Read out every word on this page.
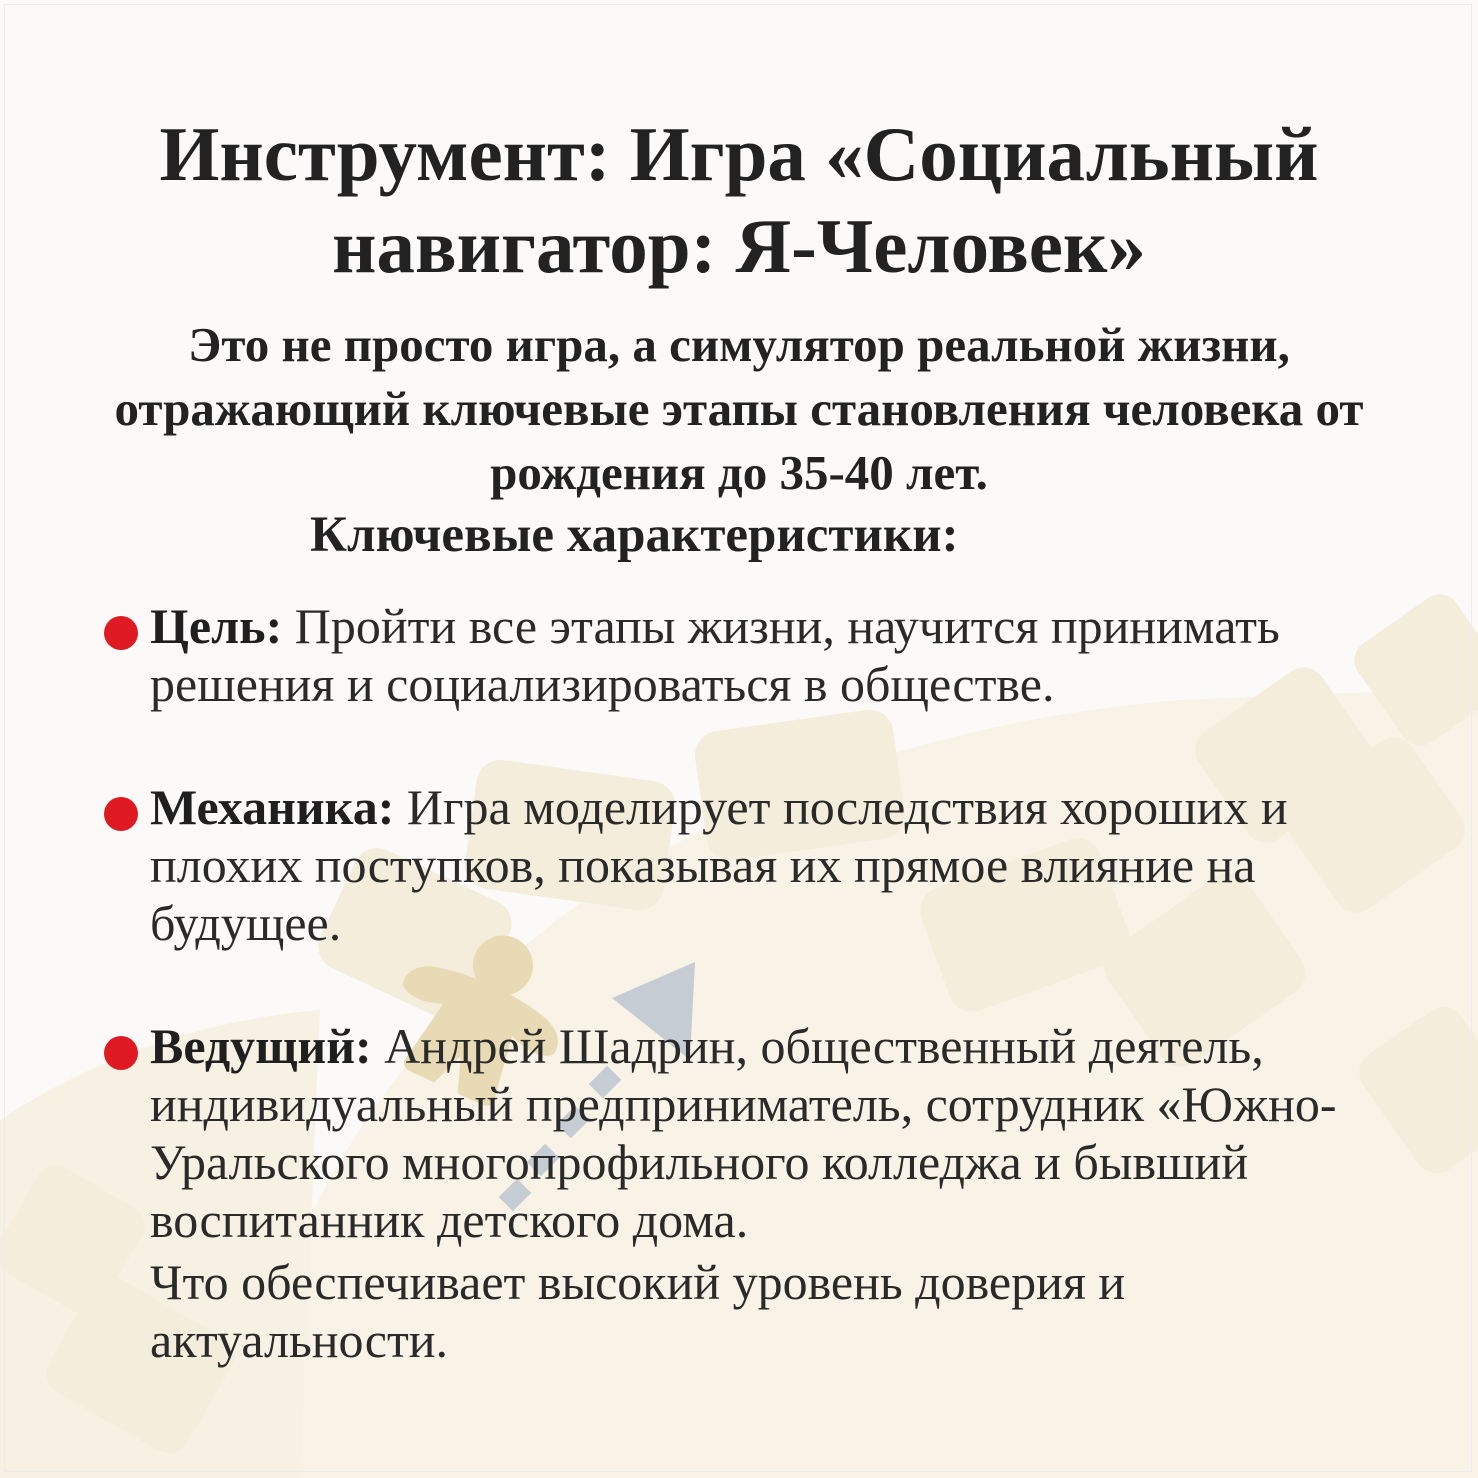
Инструмент: Игра «Социальный навигатор: Я-Человек»

Это не просто игра, а симулятор реальной жизни, отражающий ключевые этапы становления человека от рождения до 35-40 лет.

Ключевые характеристики:

Цель: Пройти все этапы жизни, научится принимать решения и социализироваться в обществе.

Механика: Игра моделирует последствия хороших и плохих поступков, показывая их прямое влияние на будущее.

Ведущий: Андрей Шадрин, общественный деятель, индивидуальный предприниматель, сотрудник «Южно-Уральского многопрофильного колледжа и бывший воспитанник детского дома.

Что обеспечивает высокий уровень доверия и актуальности.
